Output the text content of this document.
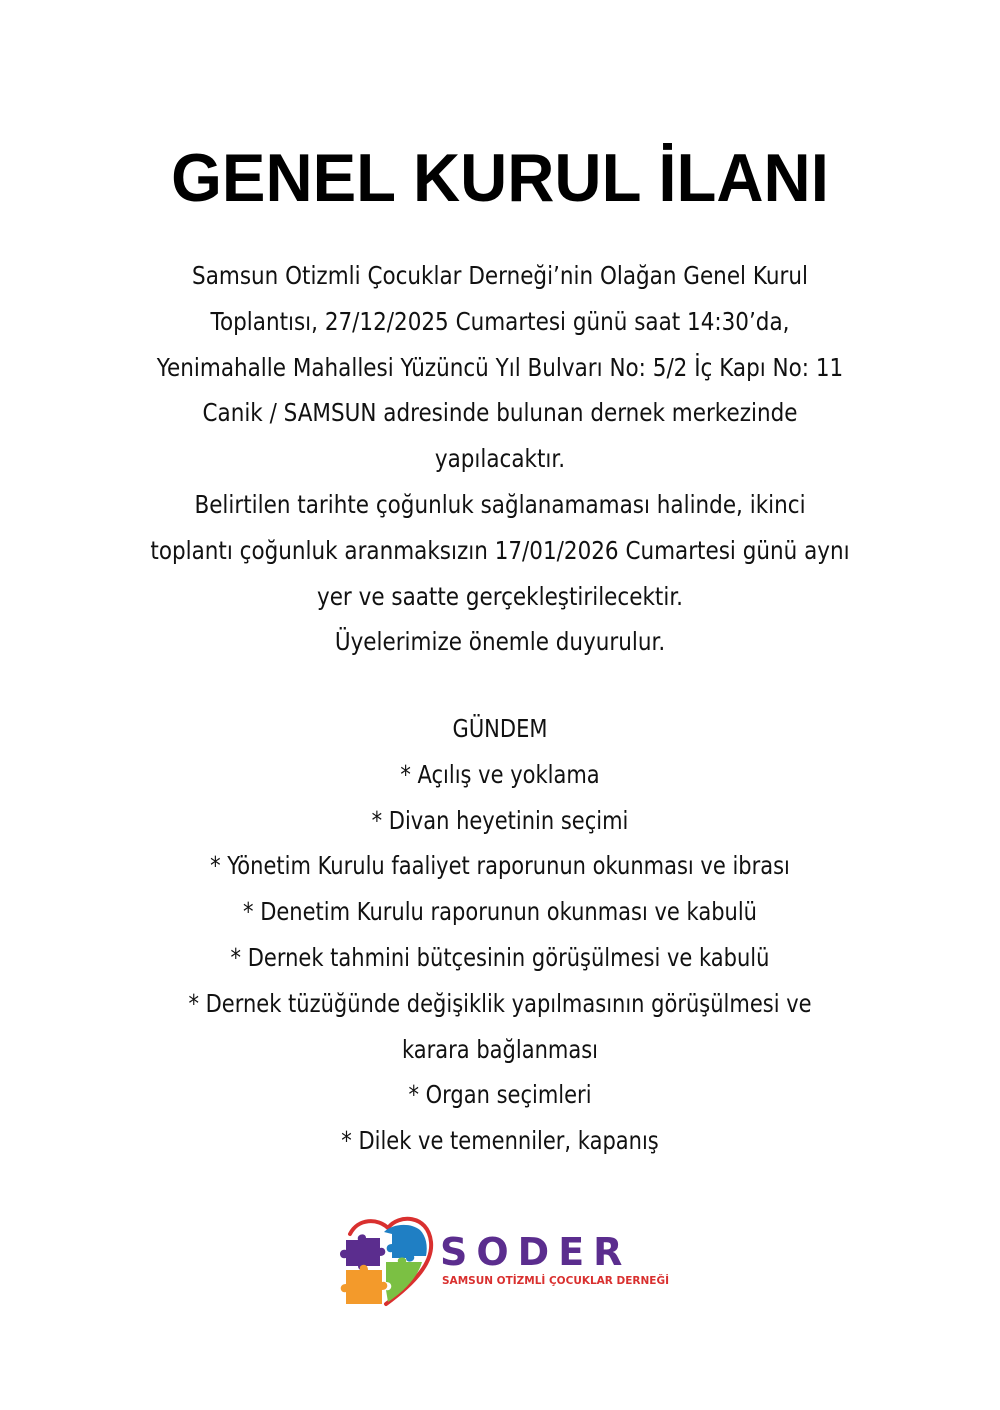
GENEL KURUL İLANI
Samsun Otizmli Çocuklar Derneği’nin Olağan Genel Kurul
Toplantısı, 27/12/2025 Cumartesi günü saat 14:30’da,
Yenimahalle Mahallesi Yüzüncü Yıl Bulvarı No: 5/2 İç Kapı No: 11
Canik / SAMSUN adresinde bulunan dernek merkezinde
yapılacaktır.
Belirtilen tarihte çoğunluk sağlanamaması halinde, ikinci
toplantı çoğunluk aranmaksızın 17/01/2026 Cumartesi günü aynı
yer ve saatte gerçekleştirilecektir.
Üyelerimize önemle duyurulur.
GÜNDEM
* Açılış ve yoklama
* Divan heyetinin seçimi
* Yönetim Kurulu faaliyet raporunun okunması ve ibrası
* Denetim Kurulu raporunun okunması ve kabulü
* Dernek tahmini bütçesinin görüşülmesi ve kabulü
* Dernek tüzüğünde değişiklik yapılmasının görüşülmesi ve
karara bağlanması
* Organ seçimleri
* Dilek ve temenniler, kapanış
SODER
SAMSUN OTİZMLİ ÇOCUKLAR DERNEĞİ
